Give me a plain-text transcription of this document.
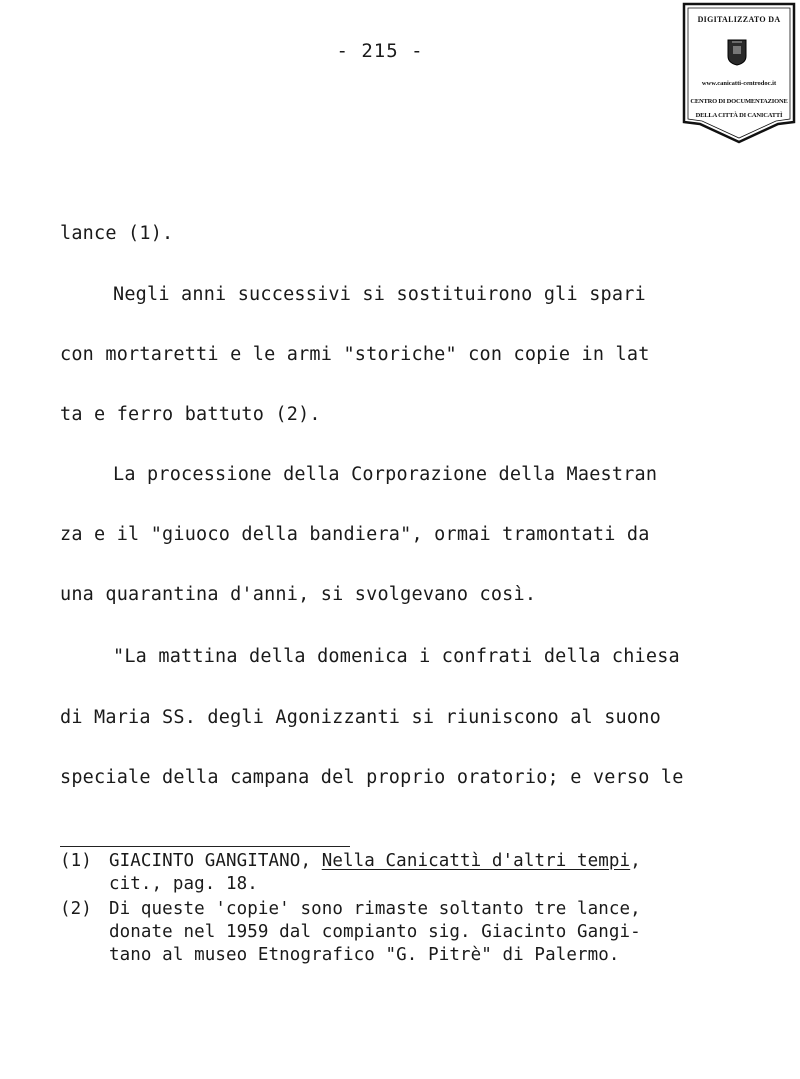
- 215 -
DIGITALIZZATO DA
www.canicatti-centrodoc.it
CENTRO DI DOCUMENTAZIONE
DELLA CITTÀ DI CANICATTÌ
lance (1).
Negli anni successivi si sostituirono gli spari
con mortaretti e le armi "storiche" con copie in lat
ta e ferro battuto (2).
La processione della Corporazione della Maestran
za e il "giuoco della bandiera", ormai tramontati da
una quarantina d'anni, si svolgevano così.
"La mattina della domenica i confrati della chiesa
di Maria SS. degli Agonizzanti si riuniscono al suono
speciale della campana del proprio oratorio; e verso le
(1) GIACINTO GANGITANO, Nella Canicattì d'altri tempi,
cit., pag. 18.
(2) Di queste 'copie' sono rimaste soltanto tre lance,
donate nel 1959 dal compianto sig. Giacinto Gangi-
tano al museo Etnografico "G. Pitrè" di Palermo.
